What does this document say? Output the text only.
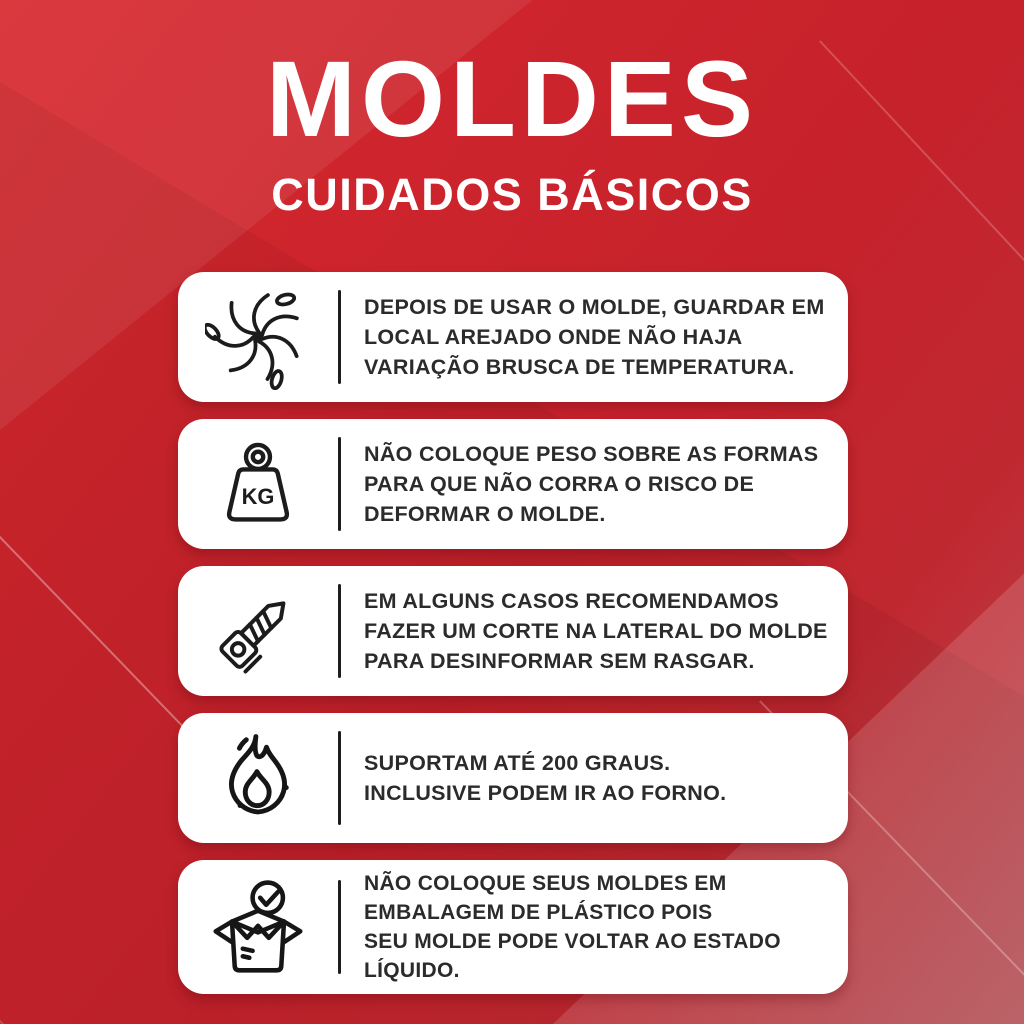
MOLDES
CUIDADOS BÁSICOS
DEPOIS DE USAR O MOLDE, GUARDAR EM
LOCAL AREJADO ONDE NÃO HAJA
VARIAÇÃO BRUSCA DE TEMPERATURA.
KG
NÃO COLOQUE PESO SOBRE AS FORMAS
PARA QUE NÃO CORRA O RISCO DE
DEFORMAR O MOLDE.
EM ALGUNS CASOS RECOMENDAMOS
FAZER UM CORTE NA LATERAL DO MOLDE
PARA DESINFORMAR SEM RASGAR.
SUPORTAM ATÉ 200 GRAUS.
INCLUSIVE PODEM IR AO FORNO.
NÃO COLOQUE SEUS MOLDES EM
EMBALAGEM DE PLÁSTICO POIS
SEU MOLDE PODE VOLTAR AO ESTADO
LÍQUIDO.
